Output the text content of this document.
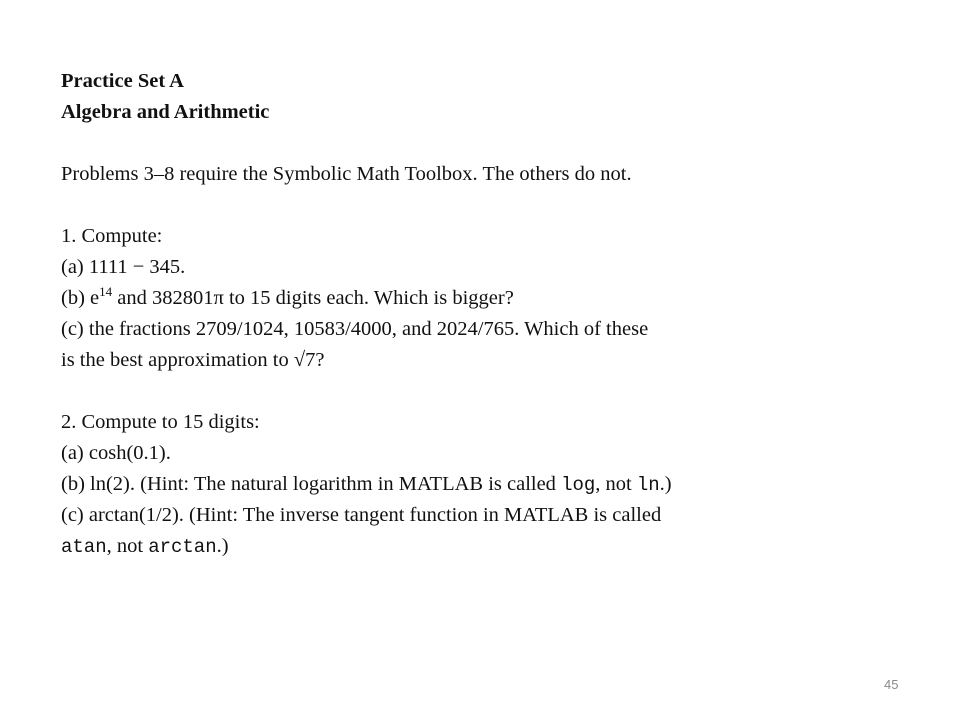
Practice Set A
Algebra and Arithmetic
Problems 3–8 require the Symbolic Math Toolbox. The others do not.
1. Compute:
(a) 1111 − 345.
(b) $e^{14}$ and 382801π to 15 digits each. Which is bigger?
(c) the fractions 2709/1024, 10583/4000, and 2024/765. Which of these
is the best approximation to √7?
2. Compute to 15 digits:
(a) cosh(0.1).
(b) ln(2). (Hint: The natural logarithm in MATLAB is called log, not ln.)
(c) arctan(1/2). (Hint: The inverse tangent function in MATLAB is called
atan, not arctan.)
45
